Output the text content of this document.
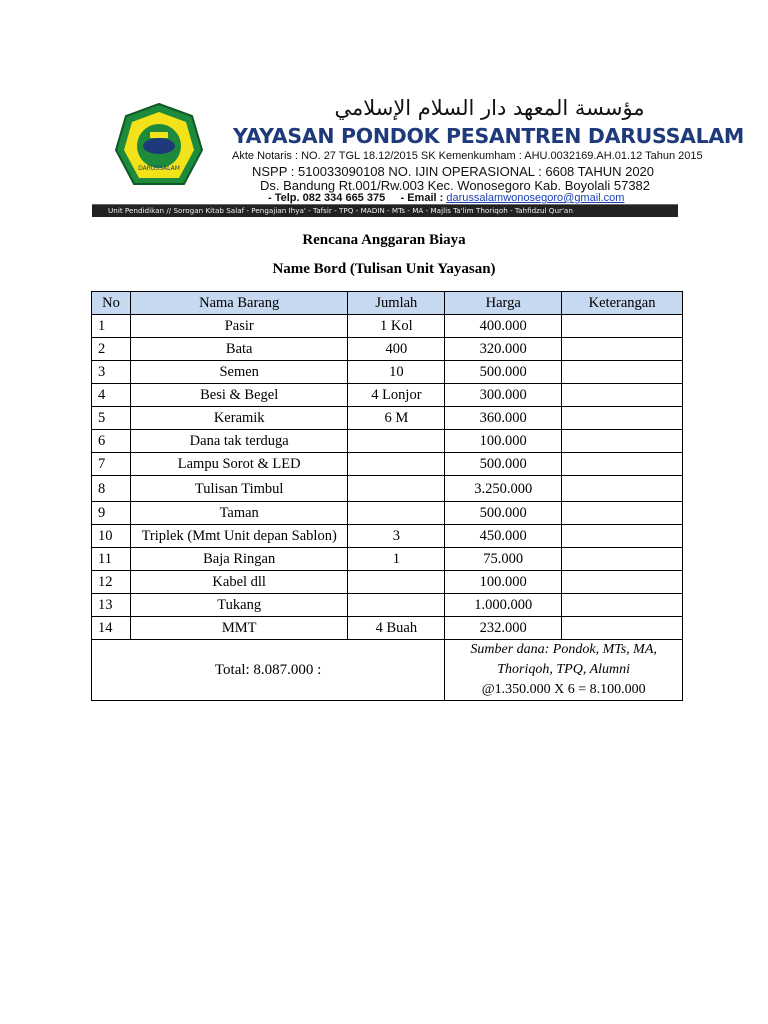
DARUSSALAM
مؤسسة المعهد دار السلام الإسلامي
YAYASAN PONDOK PESANTREN DARUSSALAM
Akte Notaris : NO. 27 TGL 18.12/2015 SK Kemenkumham : AHU.0032169.AH.01.12 Tahun 2015
NSPP : 510033090108 NO. IJIN OPERASIONAL : 6608 TAHUN 2020
Ds. Bandung Rt.001/Rw.003 Kec. Wonosegoro Kab. Boyolali 57382
- Telp. 082 334 665 375 - Email : darussalamwonosegoro@gmail.com
Unit Pendidikan // Sorogan Kitab Salaf - Pengajian Ihya' - Tafsir - TPQ - MADIN - MTs - MA - Majlis Ta'lim Thoriqoh - Tahfidzul Qur'an
Rencana Anggaran Biaya
Name Bord (Tulisan Unit Yayasan)
No	Nama Barang	Jumlah	Harga	Keterangan
1	Pasir	1 Kol	400.000	
2	Bata	400	320.000	
3	Semen	10	500.000	
4	Besi & Begel	4 Lonjor	300.000	
5	Keramik	6 M	360.000	
6	Dana tak terduga		100.000	
7	Lampu Sorot & LED		500.000	
8	Tulisan Timbul		3.250.000	
9	Taman		500.000	
10	Triplek (Mmt Unit depan Sablon)	3	450.000	
11	Baja Ringan	1	75.000	
12	Kabel dll		100.000	
13	Tukang		1.000.000	
14	MMT	4 Buah	232.000	
Total: 8.087.000 :			Sumber dana: Pondok, MTs, MA, Thoriqoh, TPQ, Alumni
@1.350.000 X 6 = 8.100.000	
